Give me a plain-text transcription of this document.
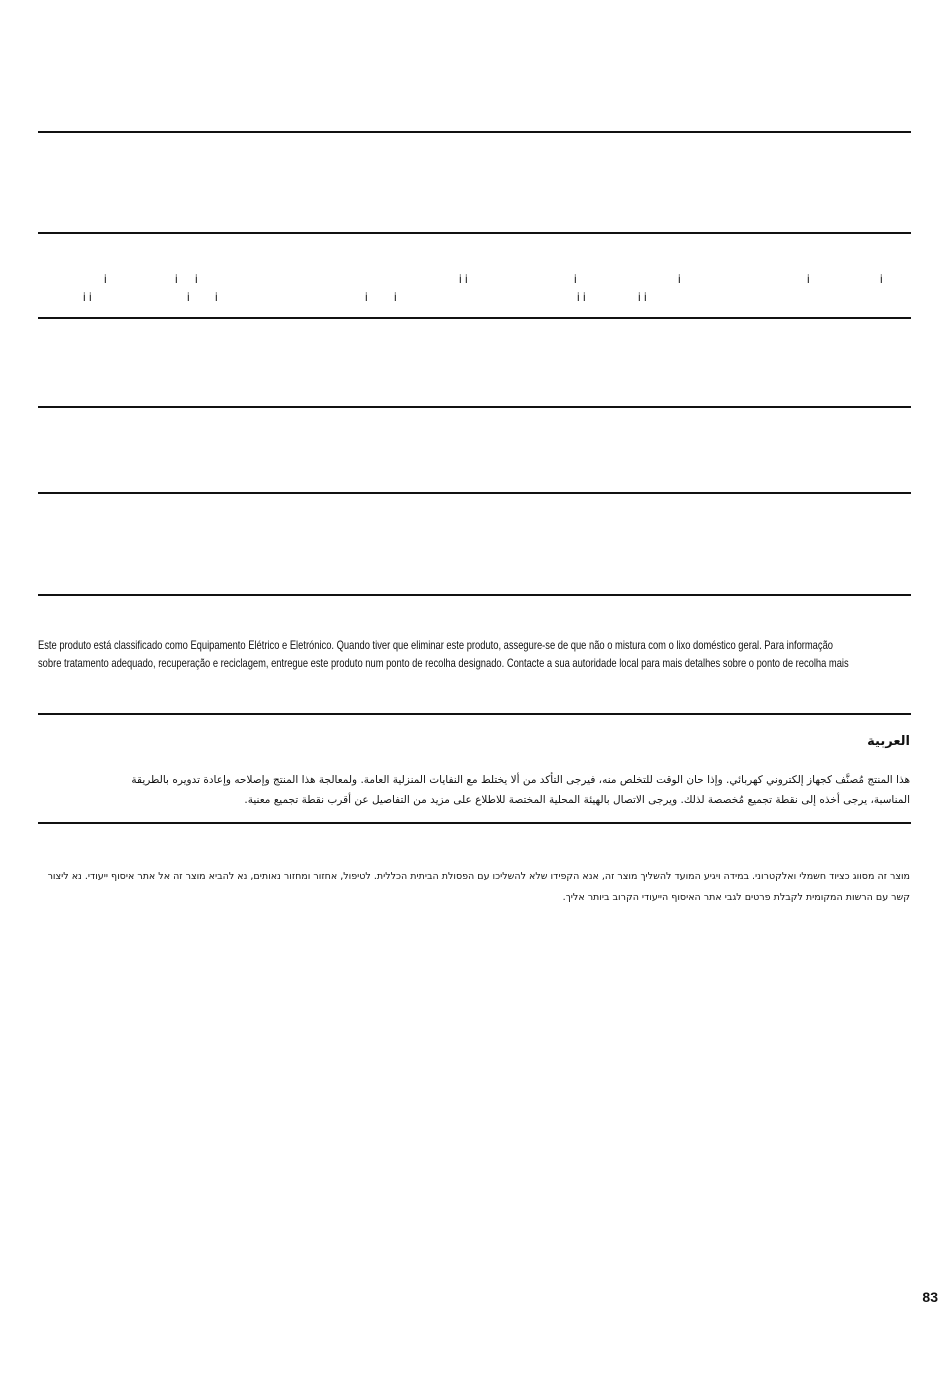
i	i i	i i	i	i	i	i
i i	i i	i i	i i	i i
Este produto está classificado como Equipamento Elétrico e Eletrónico. Quando tiver que eliminar este produto, assegure-se de que não o mistura com o lixo doméstico geral. Para informação
sobre tratamento adequado, recuperação e reciclagem, entregue este produto num ponto de recolha designado. Contacte a sua autoridade local para mais detalhes sobre o ponto de recolha mais
العربية
هذا المنتج مُصنَّف كجهاز إلكتروني كهربائي. وإذا حان الوقت للتخلص منه، فيرجى التأكد من ألا يختلط مع النفايات المنزلية العامة. ولمعالجة هذا المنتج وإصلاحه وإعادة تدويره بالطريقة
المناسبة، يرجى أخذه إلى نقطة تجميع مُخصصة لذلك. ويرجى الاتصال بالهيئة المحلية المختصة للاطلاع على مزيد من التفاصيل عن أقرب نقطة تجميع معنية.
מוצר זה מסווג כציוד חשמלי ואלקטרוני. במידה ויגיע המועד להשליך מוצר זה, אנא הקפידו שלא להשליכו עם הפסולת הביתית הכללית. לטיפול, אחזור ומחזור נאותים, נא להביא מוצר זה אל אתר איסוף ייעודי. נא ליצור
קשר עם הרשות המקומית לקבלת פרטים לגבי אתר האיסוף הייעודי הקרוב ביותר אליך.
83
